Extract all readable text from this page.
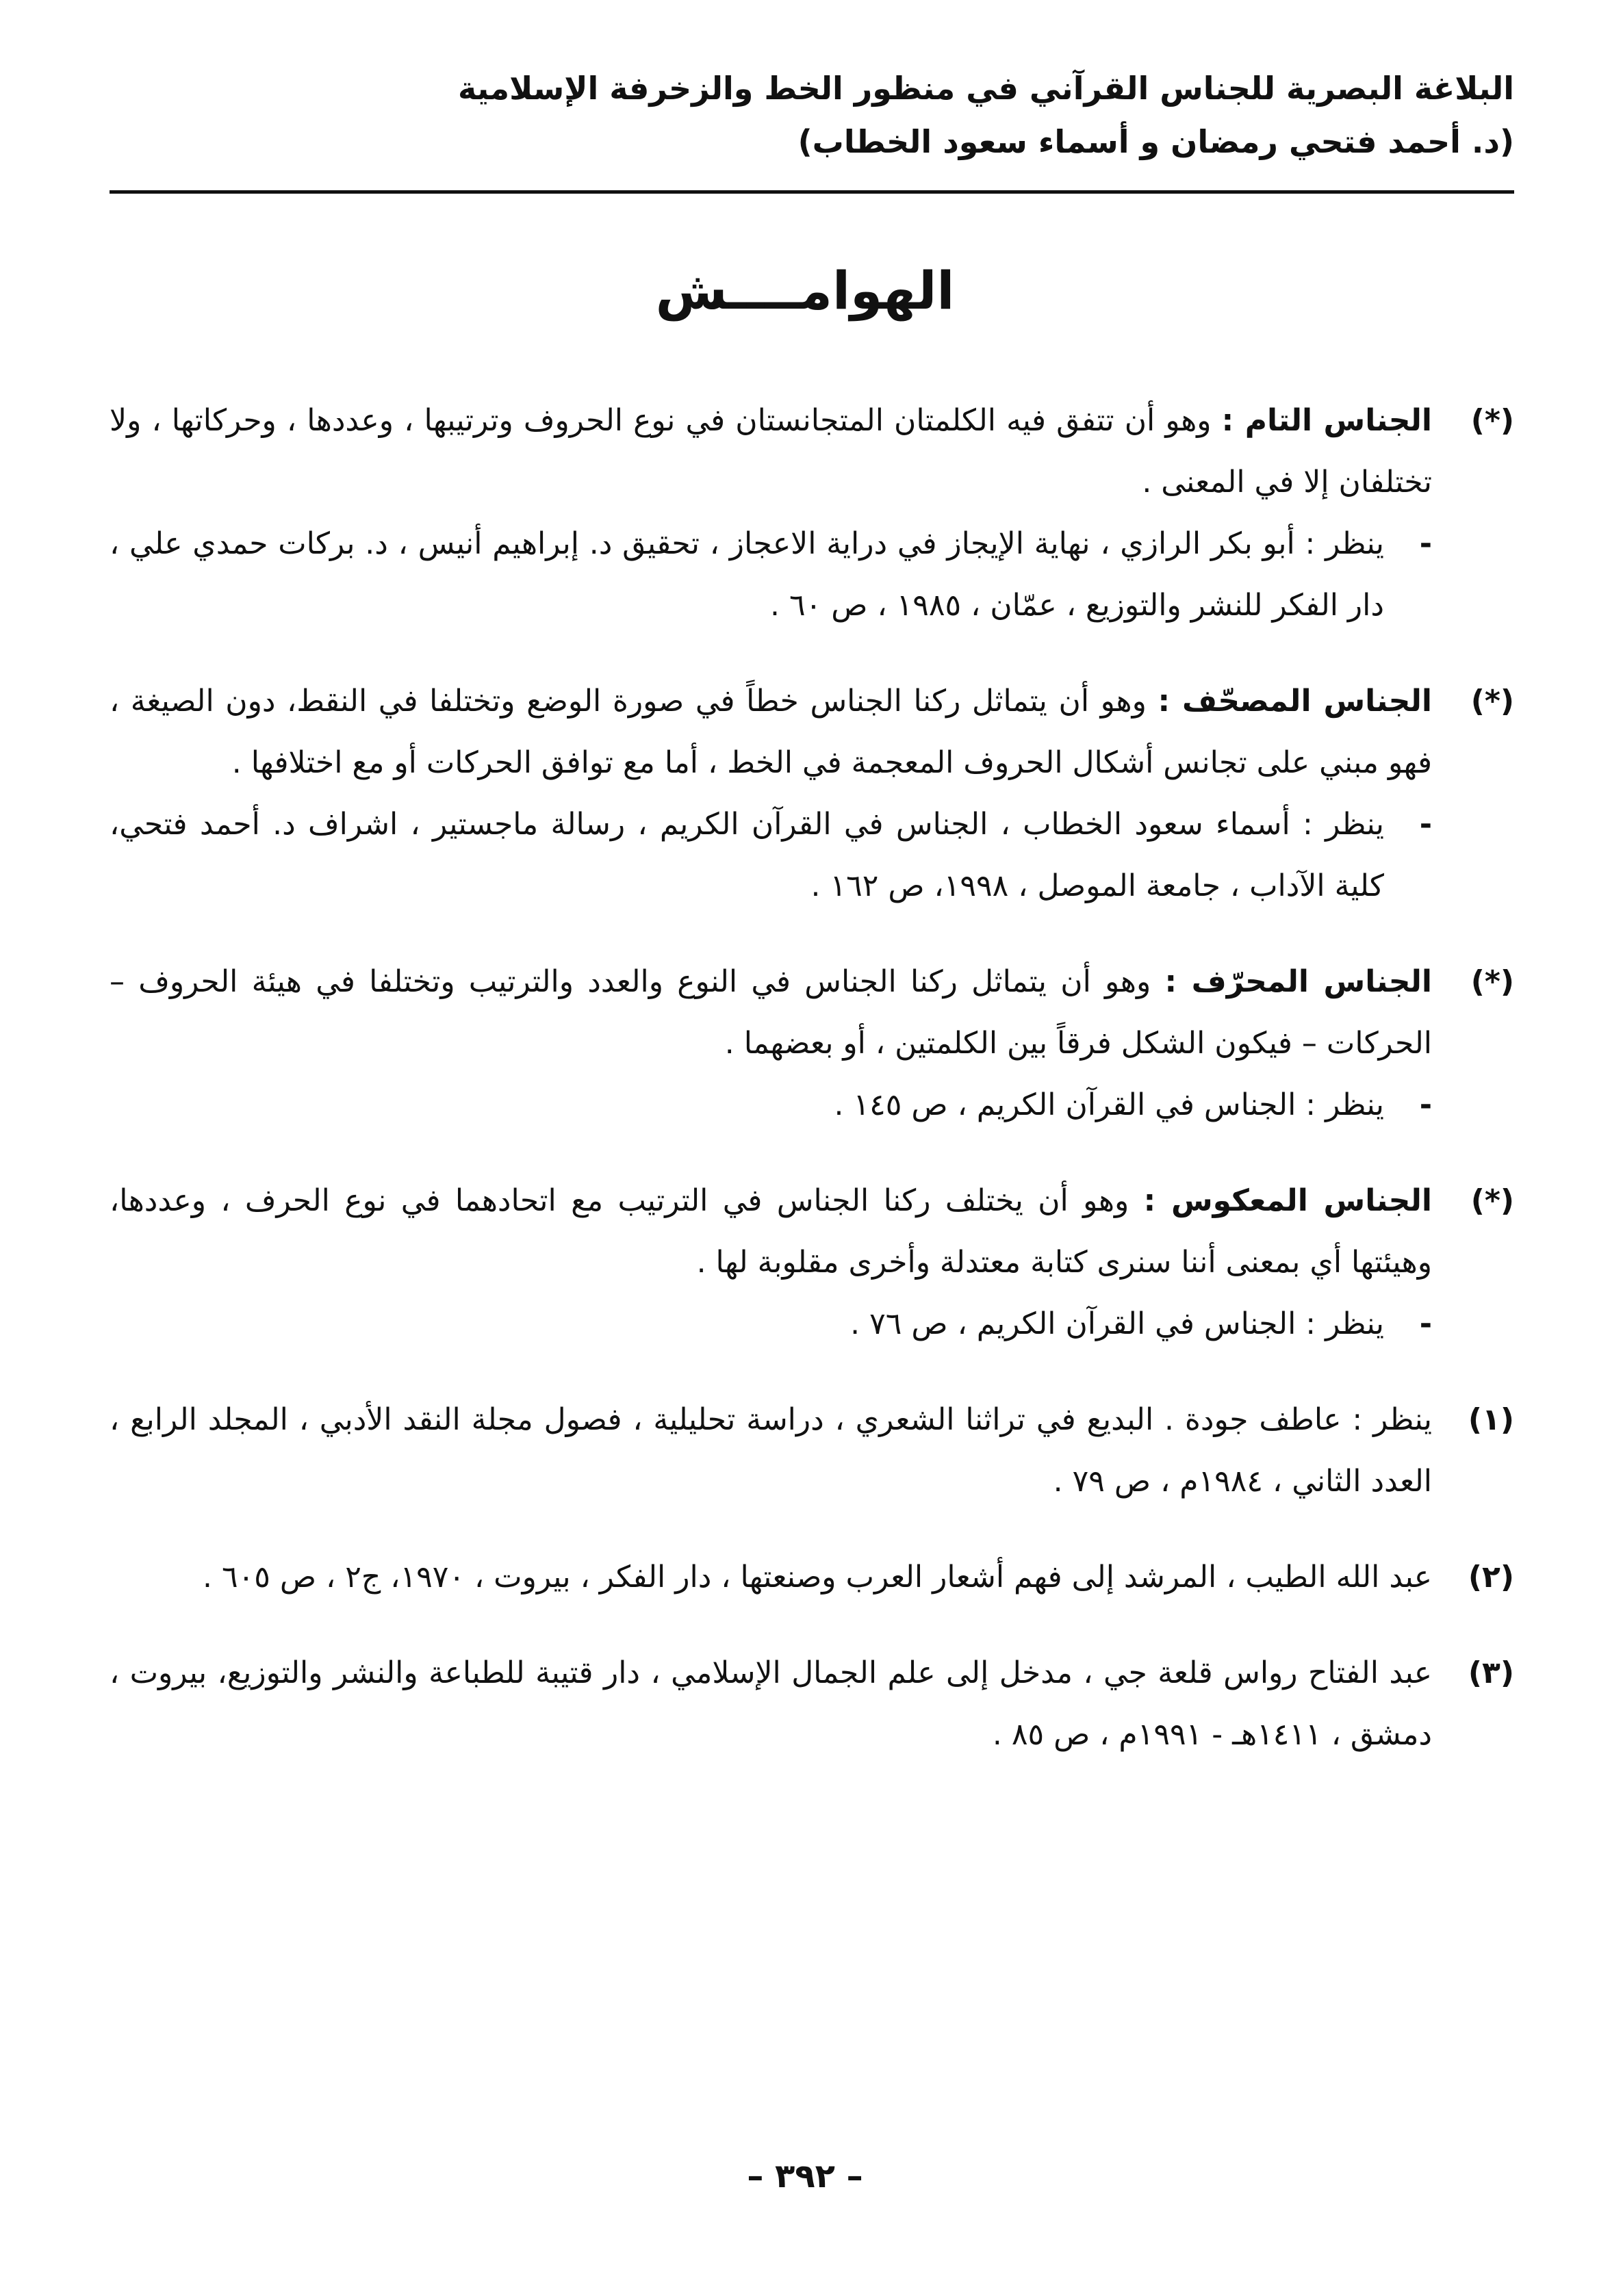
البلاغة البصرية للجناس القرآني في منظور الخط والزخرفة الإسلامية
(د. أحمد فتحي رمضان و أسماء سعود الخطاب)
الهوامــــش
(*)
الجناس التام : وهو أن تتفق فيه الكلمتان المتجانستان في نوع الحروف وترتيبها ، وعددها ، وحركاتها ، ولا تختلفان إلا في المعنى .
-
ينظر : أبو بكر الرازي ، نهاية الإيجاز في دراية الاعجاز ، تحقيق د. إبراهيم أنيس ، د. بركات حمدي علي ، دار الفكر للنشر والتوزيع ، عمّان ، ١٩٨٥ ، ص ٦٠ .
(*)
الجناس المصحّف : وهو أن يتماثل ركنا الجناس خطاً في صورة الوضع وتختلفا في النقط، دون الصيغة ، فهو مبني على تجانس أشكال الحروف المعجمة في الخط ، أما مع توافق الحركات أو مع اختلافها .
-
ينظر : أسماء سعود الخطاب ، الجناس في القرآن الكريم ، رسالة ماجستير ، اشراف د. أحمد فتحي، كلية الآداب ، جامعة الموصل ، ١٩٩٨، ص ١٦٢ .
(*)
الجناس المحرّف : وهو أن يتماثل ركنا الجناس في النوع والعدد والترتيب وتختلفا في هيئة الحروف – الحركات – فيكون الشكل فرقاً بين الكلمتين ، أو بعضهما .
-
ينظر : الجناس في القرآن الكريم ، ص ١٤٥ .
(*)
الجناس المعكوس : وهو أن يختلف ركنا الجناس في الترتيب مع اتحادهما في نوع الحرف ، وعددها، وهيئتها أي بمعنى أننا سنرى كتابة معتدلة وأخرى مقلوبة لها .
-
ينظر : الجناس في القرآن الكريم ، ص ٧٦ .
(١)
ينظر : عاطف جودة . البديع في تراثنا الشعري ، دراسة تحليلية ، فصول مجلة النقد الأدبي ، المجلد الرابع ، العدد الثاني ، ١٩٨٤م ، ص ٧٩ .
(٢)
عبد الله الطيب ، المرشد إلى فهم أشعار العرب وصنعتها ، دار الفكر ، بيروت ، ١٩٧٠، ج٢ ، ص ٦٠٥ .
(٣)
عبد الفتاح رواس قلعة جي ، مدخل إلى علم الجمال الإسلامي ، دار قتيبة للطباعة والنشر والتوزيع، بيروت ، دمشق ، ١٤١١هـ - ١٩٩١م ، ص ٨٥ .
– ٣٩٢ –
